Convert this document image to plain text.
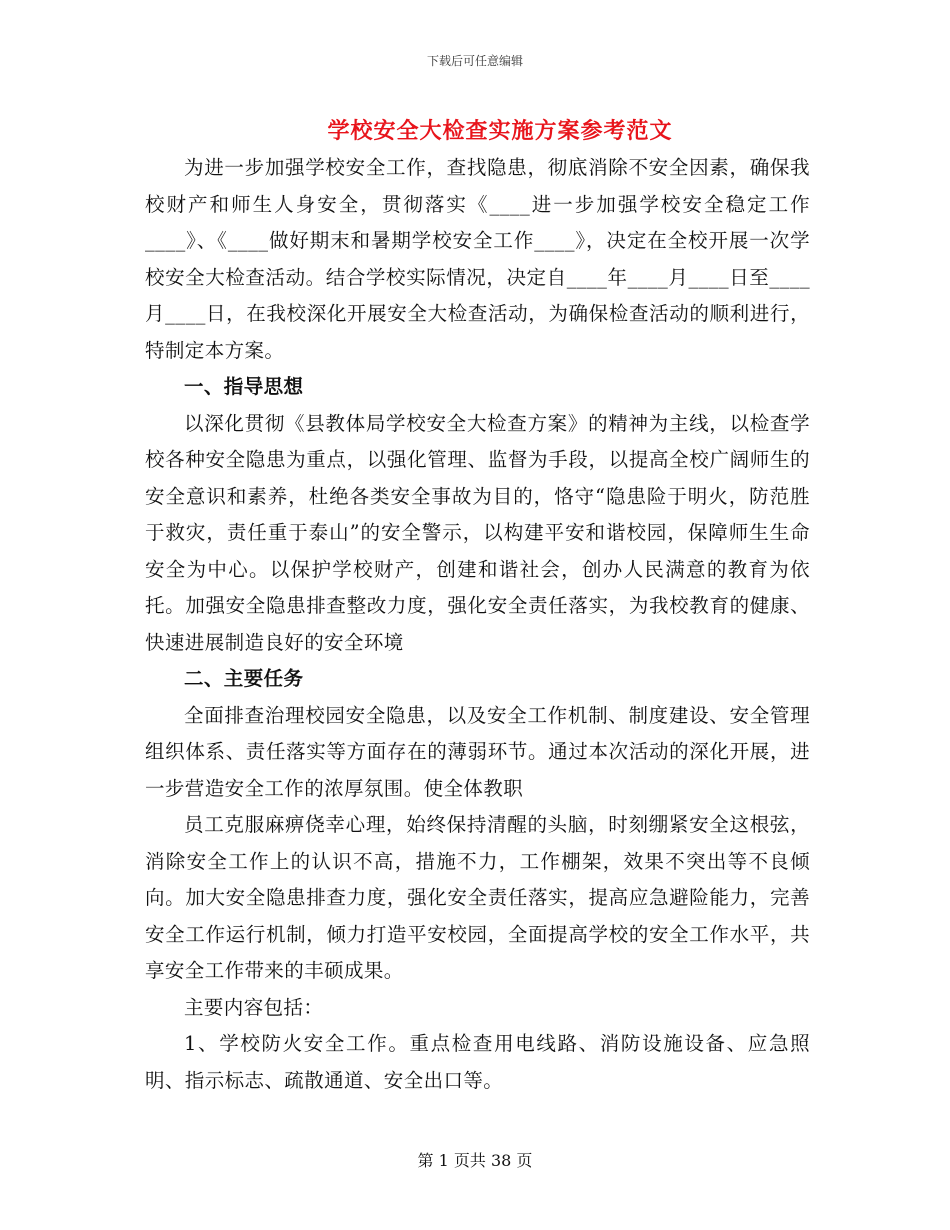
下载后可任意编辑
学校安全大检查实施方案参考范文

为进一步加强学校安全工作，查找隐患，彻底消除不安全因素，确保我校财产和师生人身安全，贯彻落实《____进一步加强学校安全稳定工作____》、《____做好期末和暑期学校安全工作____》，决定在全校开展一次学校安全大检查活动。结合学校实际情况，决定自____年____月____日至____月____日，在我校深化开展安全大检查活动，为确保检查活动的顺利进行，特制定本方案。

一、指导思想

以深化贯彻《县教体局学校安全大检查方案》的精神为主线，以检查学校各种安全隐患为重点，以强化管理、监督为手段，以提高全校广阔师生的安全意识和素养，杜绝各类安全事故为目的，恪守“隐患险于明火，防范胜于救灾，责任重于泰山”的安全警示，以构建平安和谐校园，保障师生生命安全为中心。以保护学校财产，创建和谐社会，创办人民满意的教育为依托。加强安全隐患排查整改力度，强化安全责任落实，为我校教育的健康、快速进展制造良好的安全环境

二、主要任务

全面排查治理校园安全隐患，以及安全工作机制、制度建设、安全管理组织体系、责任落实等方面存在的薄弱环节。通过本次活动的深化开展，进一步营造安全工作的浓厚氛围。使全体教职

员工克服麻痹侥幸心理，始终保持清醒的头脑，时刻绷紧安全这根弦，消除安全工作上的认识不高，措施不力，工作棚架，效果不突出等不良倾向。加大安全隐患排查力度，强化安全责任落实，提高应急避险能力，完善安全工作运行机制，倾力打造平安校园，全面提高学校的安全工作水平，共享安全工作带来的丰硕成果。

主要内容包括：

1、学校防火安全工作。重点检查用电线路、消防设施设备、应急照明、指示标志、疏散通道、安全出口等。

第 1 页共 38 页
